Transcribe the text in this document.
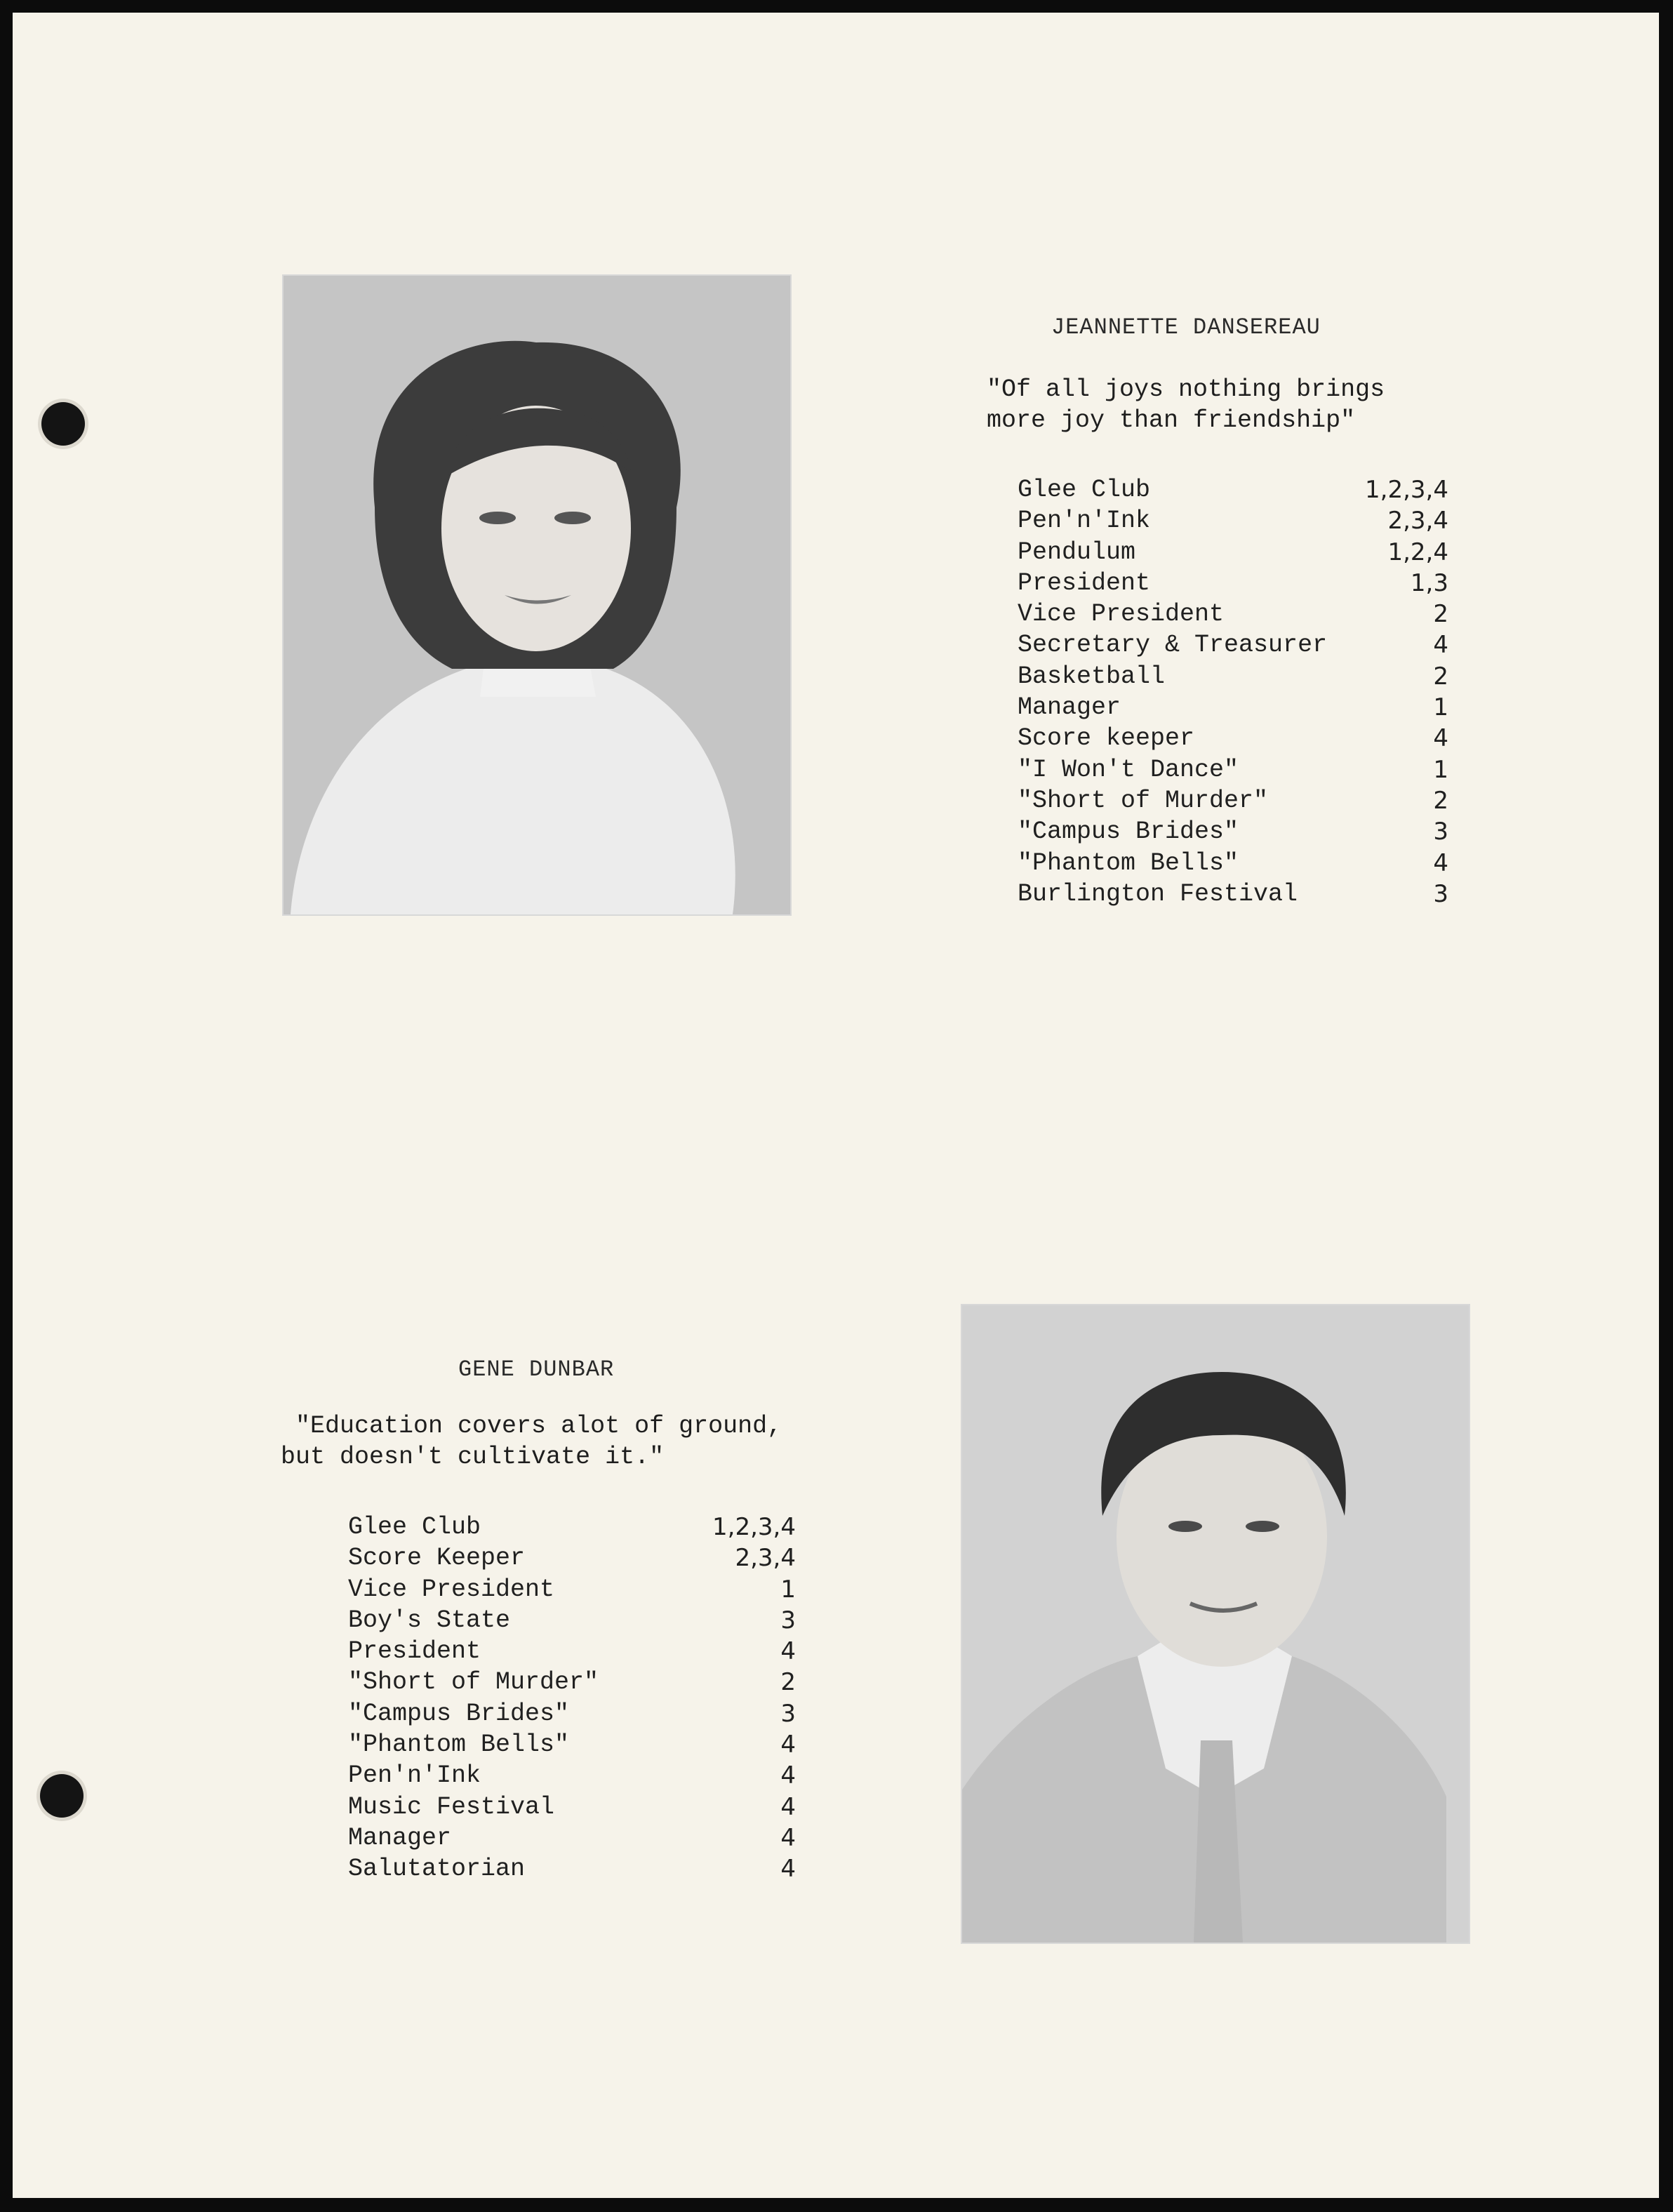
JEANNETTE DANSEREAU
"Of all joys nothing brings
more joy than friendship"
Glee Club	1,2,3,4
Pen'n'Ink	2,3,4
Pendulum	1,2,4
President	1,3
Vice President	2
Secretary & Treasurer	4
Basketball	2
Manager	1
Score keeper	4
"I Won't Dance"	1
"Short of Murder"	2
"Campus Brides"	3
"Phantom Bells"	4
Burlington Festival	3
GENE DUNBAR
"Education covers alot of ground,
but doesn't cultivate it."
Glee Club	1,2,3,4
Score Keeper	2,3,4
Vice President	1
Boy's State	3
President	4
"Short of Murder"	2
"Campus Brides"	3
"Phantom Bells"	4
Pen'n'Ink	4
Music Festival	4
Manager	4
Salutatorian	4
